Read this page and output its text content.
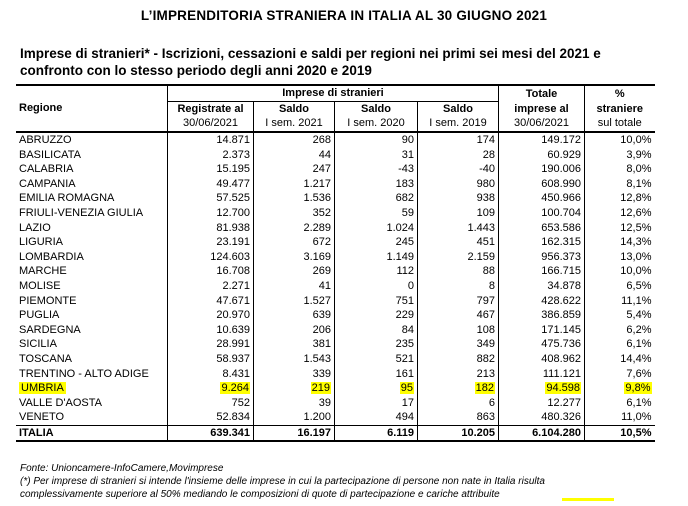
L’IMPRENDITORIA STRANIERA IN ITALIA AL 30 GIUGNO 2021
Imprese di stranieri* - Iscrizioni, cessazioni e saldi per regioni nei primi sei mesi del 2021 e
confronto con lo stesso periodo degli anni 2020 e 2019
Regione	Imprese di stranieri				Totale	%
	Registrate al	Saldo	Saldo	Saldo	imprese al	straniere
	30/06/2021	I sem. 2021	I sem. 2020	I sem. 2019	30/06/2021	sul totale
ABRUZZO	14.871	268	90	174	149.172	10,0%
BASILICATA	2.373	44	31	28	60.929	3,9%
CALABRIA	15.195	247	-43	-40	190.006	8,0%
CAMPANIA	49.477	1.217	183	980	608.990	8,1%
EMILIA ROMAGNA	57.525	1.536	682	938	450.966	12,8%
FRIULI-VENEZIA GIULIA	12.700	352	59	109	100.704	12,6%
LAZIO	81.938	2.289	1.024	1.443	653.586	12,5%
LIGURIA	23.191	672	245	451	162.315	14,3%
LOMBARDIA	124.603	3.169	1.149	2.159	956.373	13,0%
MARCHE	16.708	269	112	88	166.715	10,0%
MOLISE	2.271	41	0	8	34.878	6,5%
PIEMONTE	47.671	1.527	751	797	428.622	11,1%
PUGLIA	20.970	639	229	467	386.859	5,4%
SARDEGNA	10.639	206	84	108	171.145	6,2%
SICILIA	28.991	381	235	349	475.736	6,1%
TOSCANA	58.937	1.543	521	882	408.962	14,4%
TRENTINO - ALTO ADIGE	8.431	339	161	213	111.121	7,6%
UMBRIA	9.264	219	95	182	94.598	9,8%
VALLE D'AOSTA	752	39	17	6	12.277	6,1%
VENETO	52.834	1.200	494	863	480.326	11,0%
ITALIA	639.341	16.197	6.119	10.205	6.104.280	10,5%
Fonte: Unioncamere-InfoCamere,Movimprese
(*) Per imprese di stranieri si intende l'insieme delle imprese in cui la partecipazione di persone non nate in Italia risulta
complessivamente superiore al 50% mediando le composizioni di quote di partecipazione e cariche attribuite
